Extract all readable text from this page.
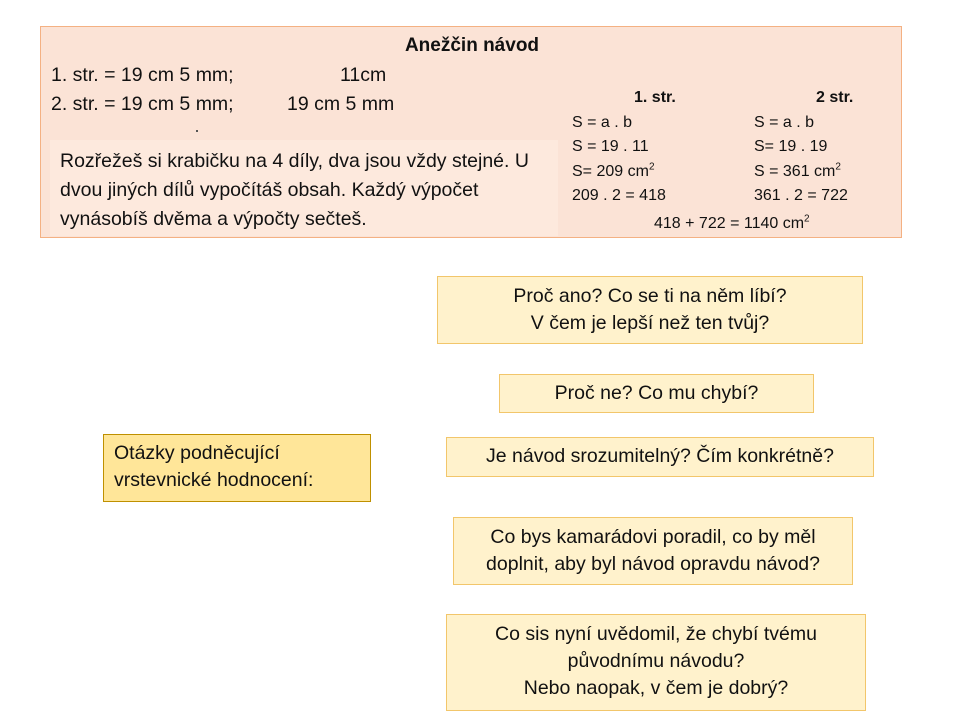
Anežčin návod
1. str. = 19 cm 5 mm;	11cm
2. str. = 19 cm 5 mm;	19 cm 5 mm
Rozřežeš si krabičku na 4 díly, dva jsou vždy stejné. U dvou jiných dílů vypočítáš obsah. Každý výpočet vynásobíš dvěma a výpočty sečteš.
1. str.
S = a . b
S = 19 . 11
S= 209 $cm^2$
209 . 2 = 418
2 str.
S = a . b
S= 19 . 19
S = 361 $cm^2$
361 . 2 = 722
418 + 722 = 1140 $cm^2$
Otázky podněcující vrstevnické hodnocení:
Proč ano? Co se ti na něm líbí?
V čem je lepší než ten tvůj?
Proč ne? Co mu chybí?
Je návod srozumitelný? Čím konkrétně?
Co bys kamarádovi poradil, co by měl
doplnit, aby byl návod opravdu návod?
Co sis nyní uvědomil, že chybí tvému
původnímu návodu?
Nebo naopak, v čem je dobrý?
